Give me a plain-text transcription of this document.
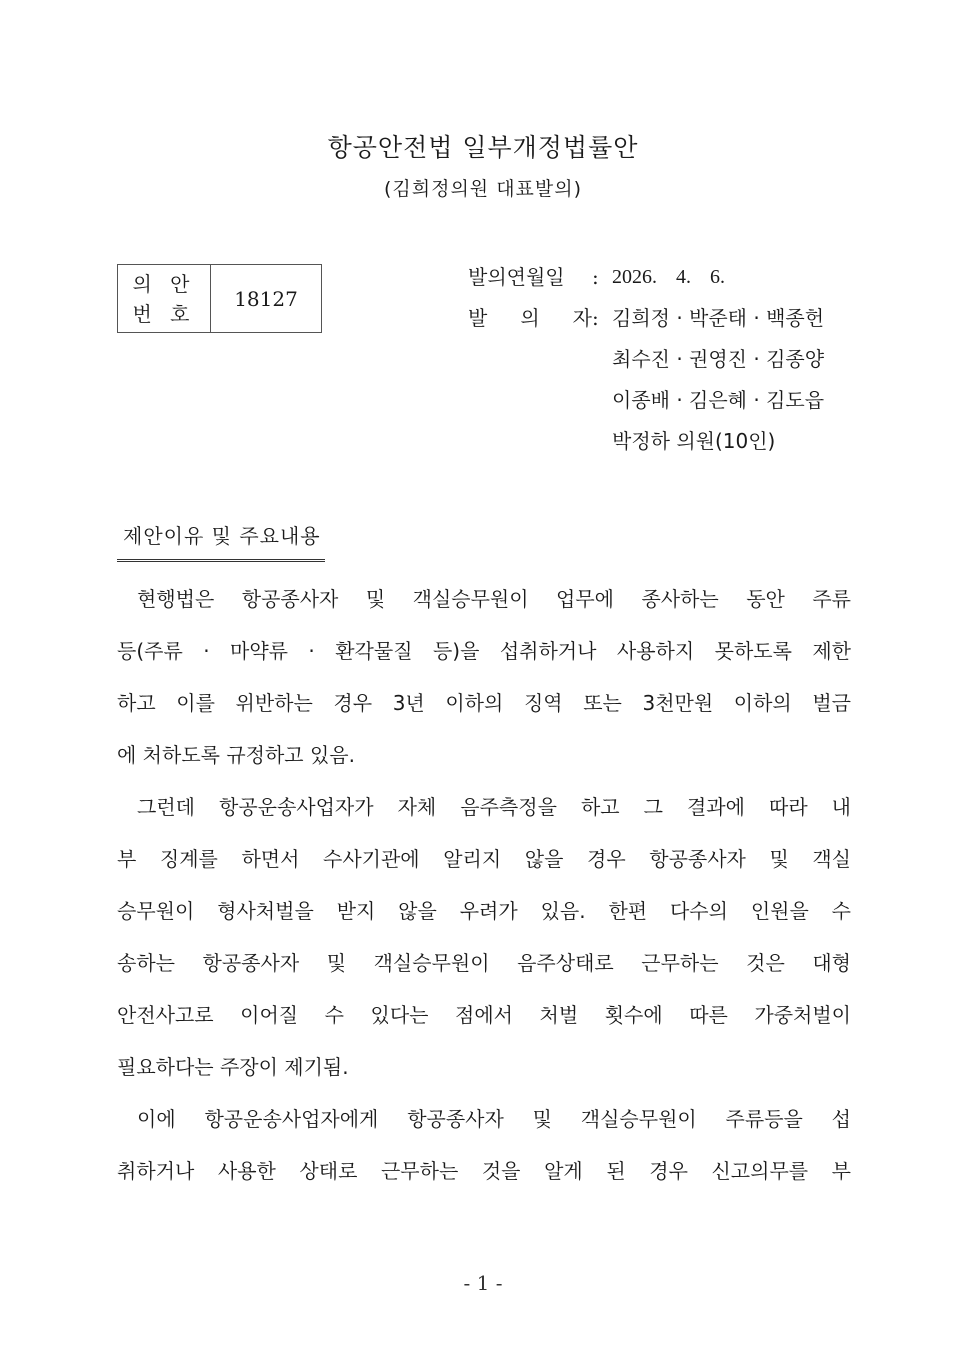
항공안전법 일부개정법률안
(김희정의원 대표발의)
의 안
번 호
18127
발의연월일	: 2026. 4. 6.
발 의 자 : 김희정 · 박준태 · 백종헌
최수진 · 권영진 · 김종양
이종배 · 김은혜 · 김도읍
박정하 의원(10인)
제안이유 및 주요내용
현행법은 항공종사자 및 객실승무원이 업무에 종사하는 동안 주류
등(주류 · 마약류 · 환각물질 등)을 섭취하거나 사용하지 못하도록 제한
하고 이를 위반하는 경우 3년 이하의 징역 또는 3천만원 이하의 벌금
에 처하도록 규정하고 있음.
그런데 항공운송사업자가 자체 음주측정을 하고 그 결과에 따라 내
부 징계를 하면서 수사기관에 알리지 않을 경우 항공종사자 및 객실
승무원이 형사처벌을 받지 않을 우려가 있음. 한편 다수의 인원을 수
송하는 항공종사자 및 객실승무원이 음주상태로 근무하는 것은 대형
안전사고로 이어질 수 있다는 점에서 처벌 횟수에 따른 가중처벌이
필요하다는 주장이 제기됨.
이에 항공운송사업자에게 항공종사자 및 객실승무원이 주류등을 섭
취하거나 사용한 상태로 근무하는 것을 알게 된 경우 신고의무를 부
- 1 -
